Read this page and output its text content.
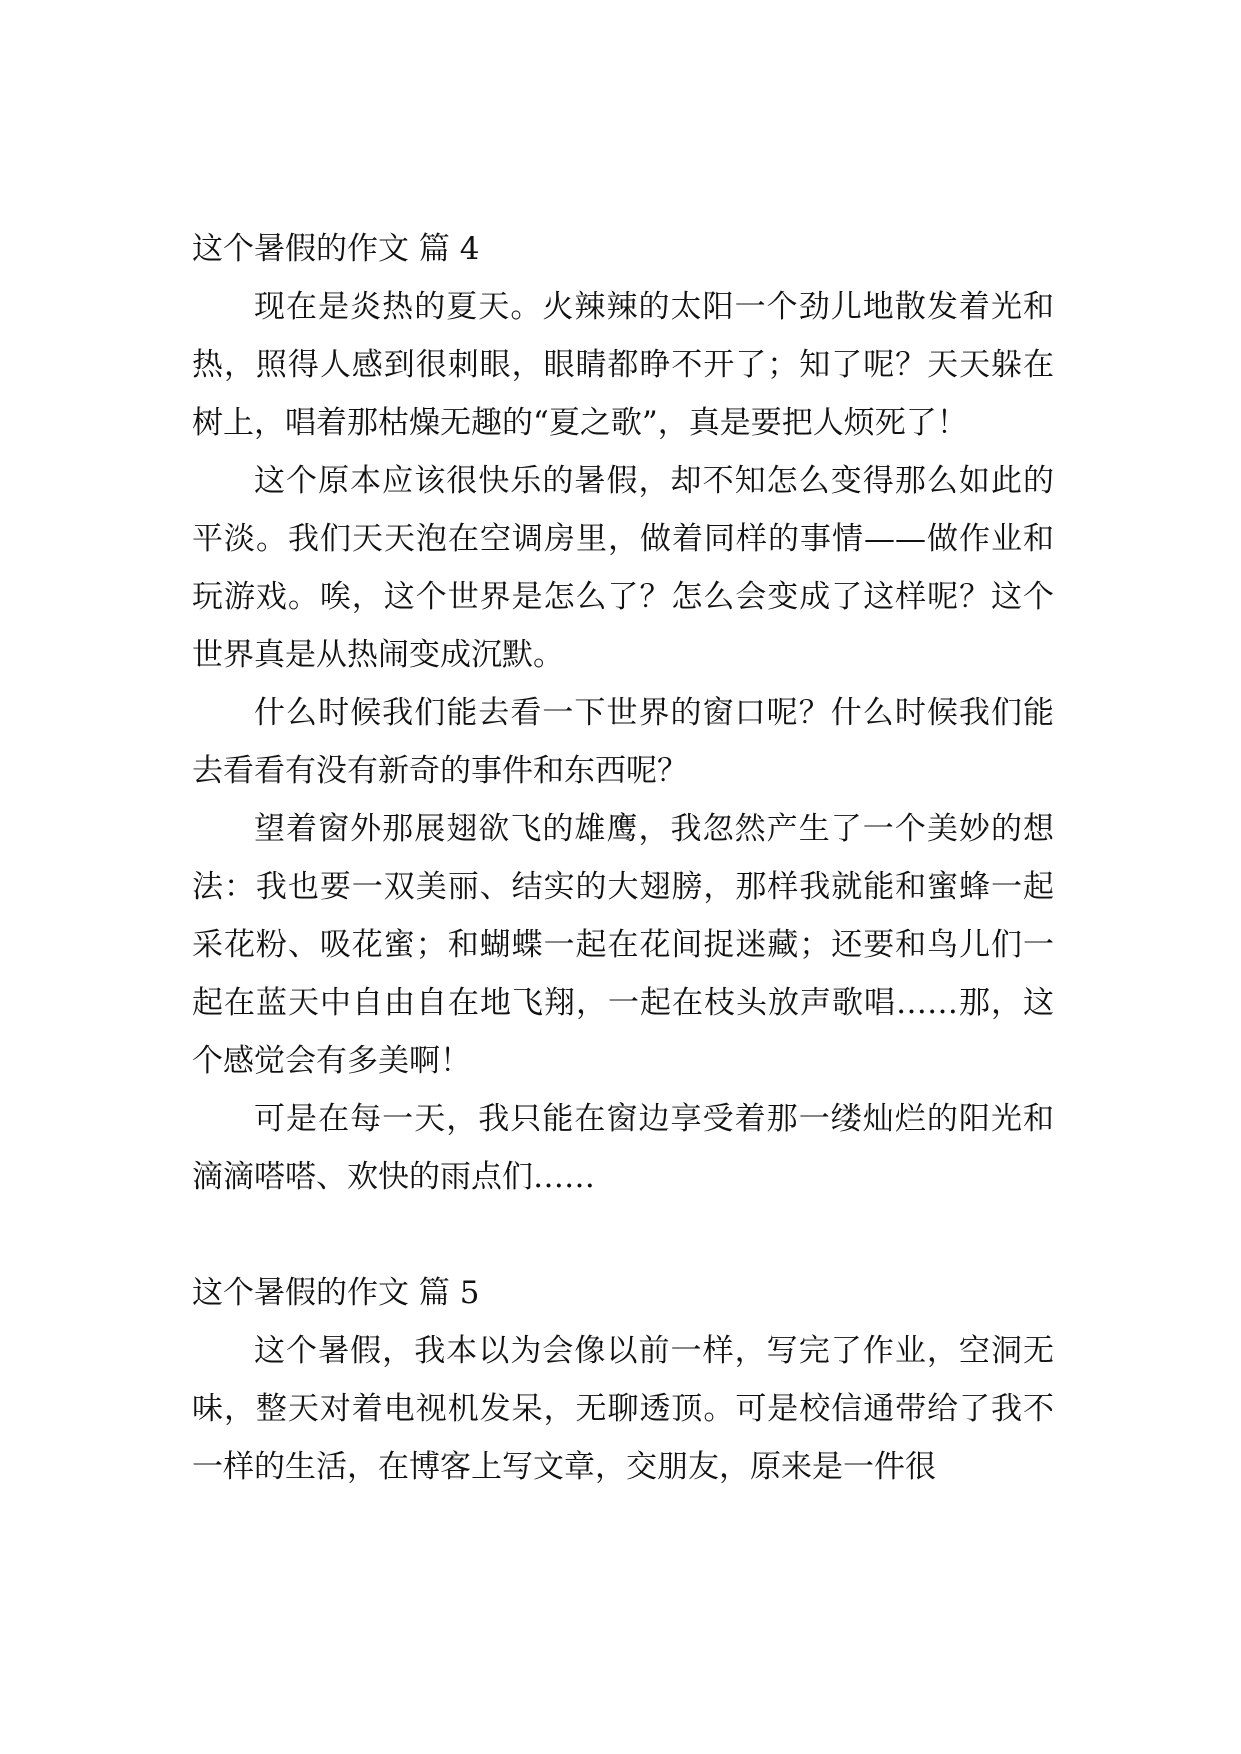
这个暑假的作文 篇 4

现在是炎热的夏天。火辣辣的太阳一个劲儿地散发着光和热，照得人感到很刺眼，眼睛都睁不开了；知了呢？天天躲在树上，唱着那枯燥无趣的“夏之歌”，真是要把人烦死了！

这个原本应该很快乐的暑假，却不知怎么变得那么如此的平淡。我们天天泡在空调房里，做着同样的事情——做作业和玩游戏。唉，这个世界是怎么了？怎么会变成了这样呢？这个世界真是从热闹变成沉默。

什么时候我们能去看一下世界的窗口呢？什么时候我们能去看看有没有新奇的事件和东西呢？

望着窗外那展翅欲飞的雄鹰，我忽然产生了一个美妙的想法：我也要一双美丽、结实的大翅膀，那样我就能和蜜蜂一起采花粉、吸花蜜；和蝴蝶一起在花间捉迷藏；还要和鸟儿们一起在蓝天中自由自在地飞翔，一起在枝头放声歌唱……那，这个感觉会有多美啊！

可是在每一天，我只能在窗边享受着那一缕灿烂的阳光和滴滴嗒嗒、欢快的雨点们……

这个暑假的作文 篇 5

这个暑假，我本以为会像以前一样，写完了作业，空洞无味，整天对着电视机发呆，无聊透顶。可是校信通带给了我不一样的生活，在博客上写文章，交朋友，原来是一件很
